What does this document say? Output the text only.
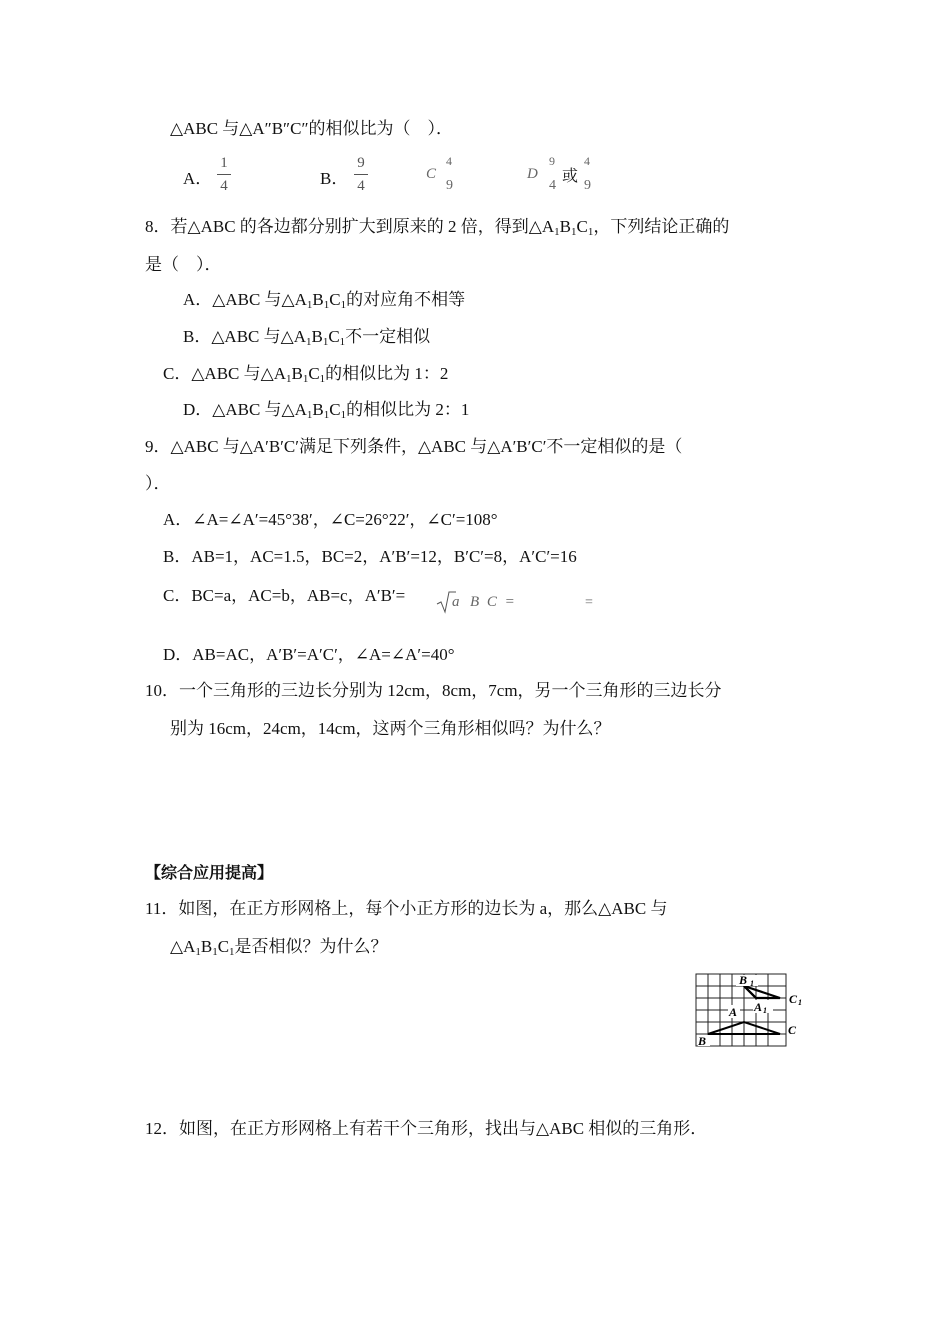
△ABC 与△A″B″C″的相似比为（　）．
A．
1
4	B．
9
4
C
4
9
D
9
4
或
4
9
8．若△ABC 的各边都分别扩大到原来的 2 倍，得到$\triangle A_1B_1C_1$，下列结论正确的
是（　）．
A．△ABC 与$\triangle A_1B_1C_1$的对应角不相等
B．△ABC 与$\triangle A_1B_1C_1$不一定相似
C．△ABC 与$\triangle A_1B_1C_1$的相似比为 1：2
D．△ABC 与$\triangle A_1B_1C_1$的相似比为 2：1
9．△ABC 与△A′B′C′满足下列条件，△ABC 与△A′B′C′不一定相似的是（
）．
A．∠A=∠A′=45°38′，∠C=26°22′，∠C′=108°
B．AB=1，AC=1.5，BC=2，A′B′=12，B′C′=8，A′C′=16
C．BC=a，AC=b，AB=c，A′B′=	a B C =	=
D．AB=AC，A′B′=A′C′，∠A=∠A′=40°
10．一个三角形的三边长分别为 12cm，8cm，7cm，另一个三角形的三边长分
别为 16cm，24cm，14cm，这两个三角形相似吗？为什么？
【综合应用提高】
11．如图，在正方形网格上，每个小正方形的边长为 a，那么△ABC 与
$\triangle A_1B_1C_1$是否相似？为什么？
B 1
C 1
A 1
A
C
B
12．如图，在正方形网格上有若干个三角形，找出与△ABC 相似的三角形．
